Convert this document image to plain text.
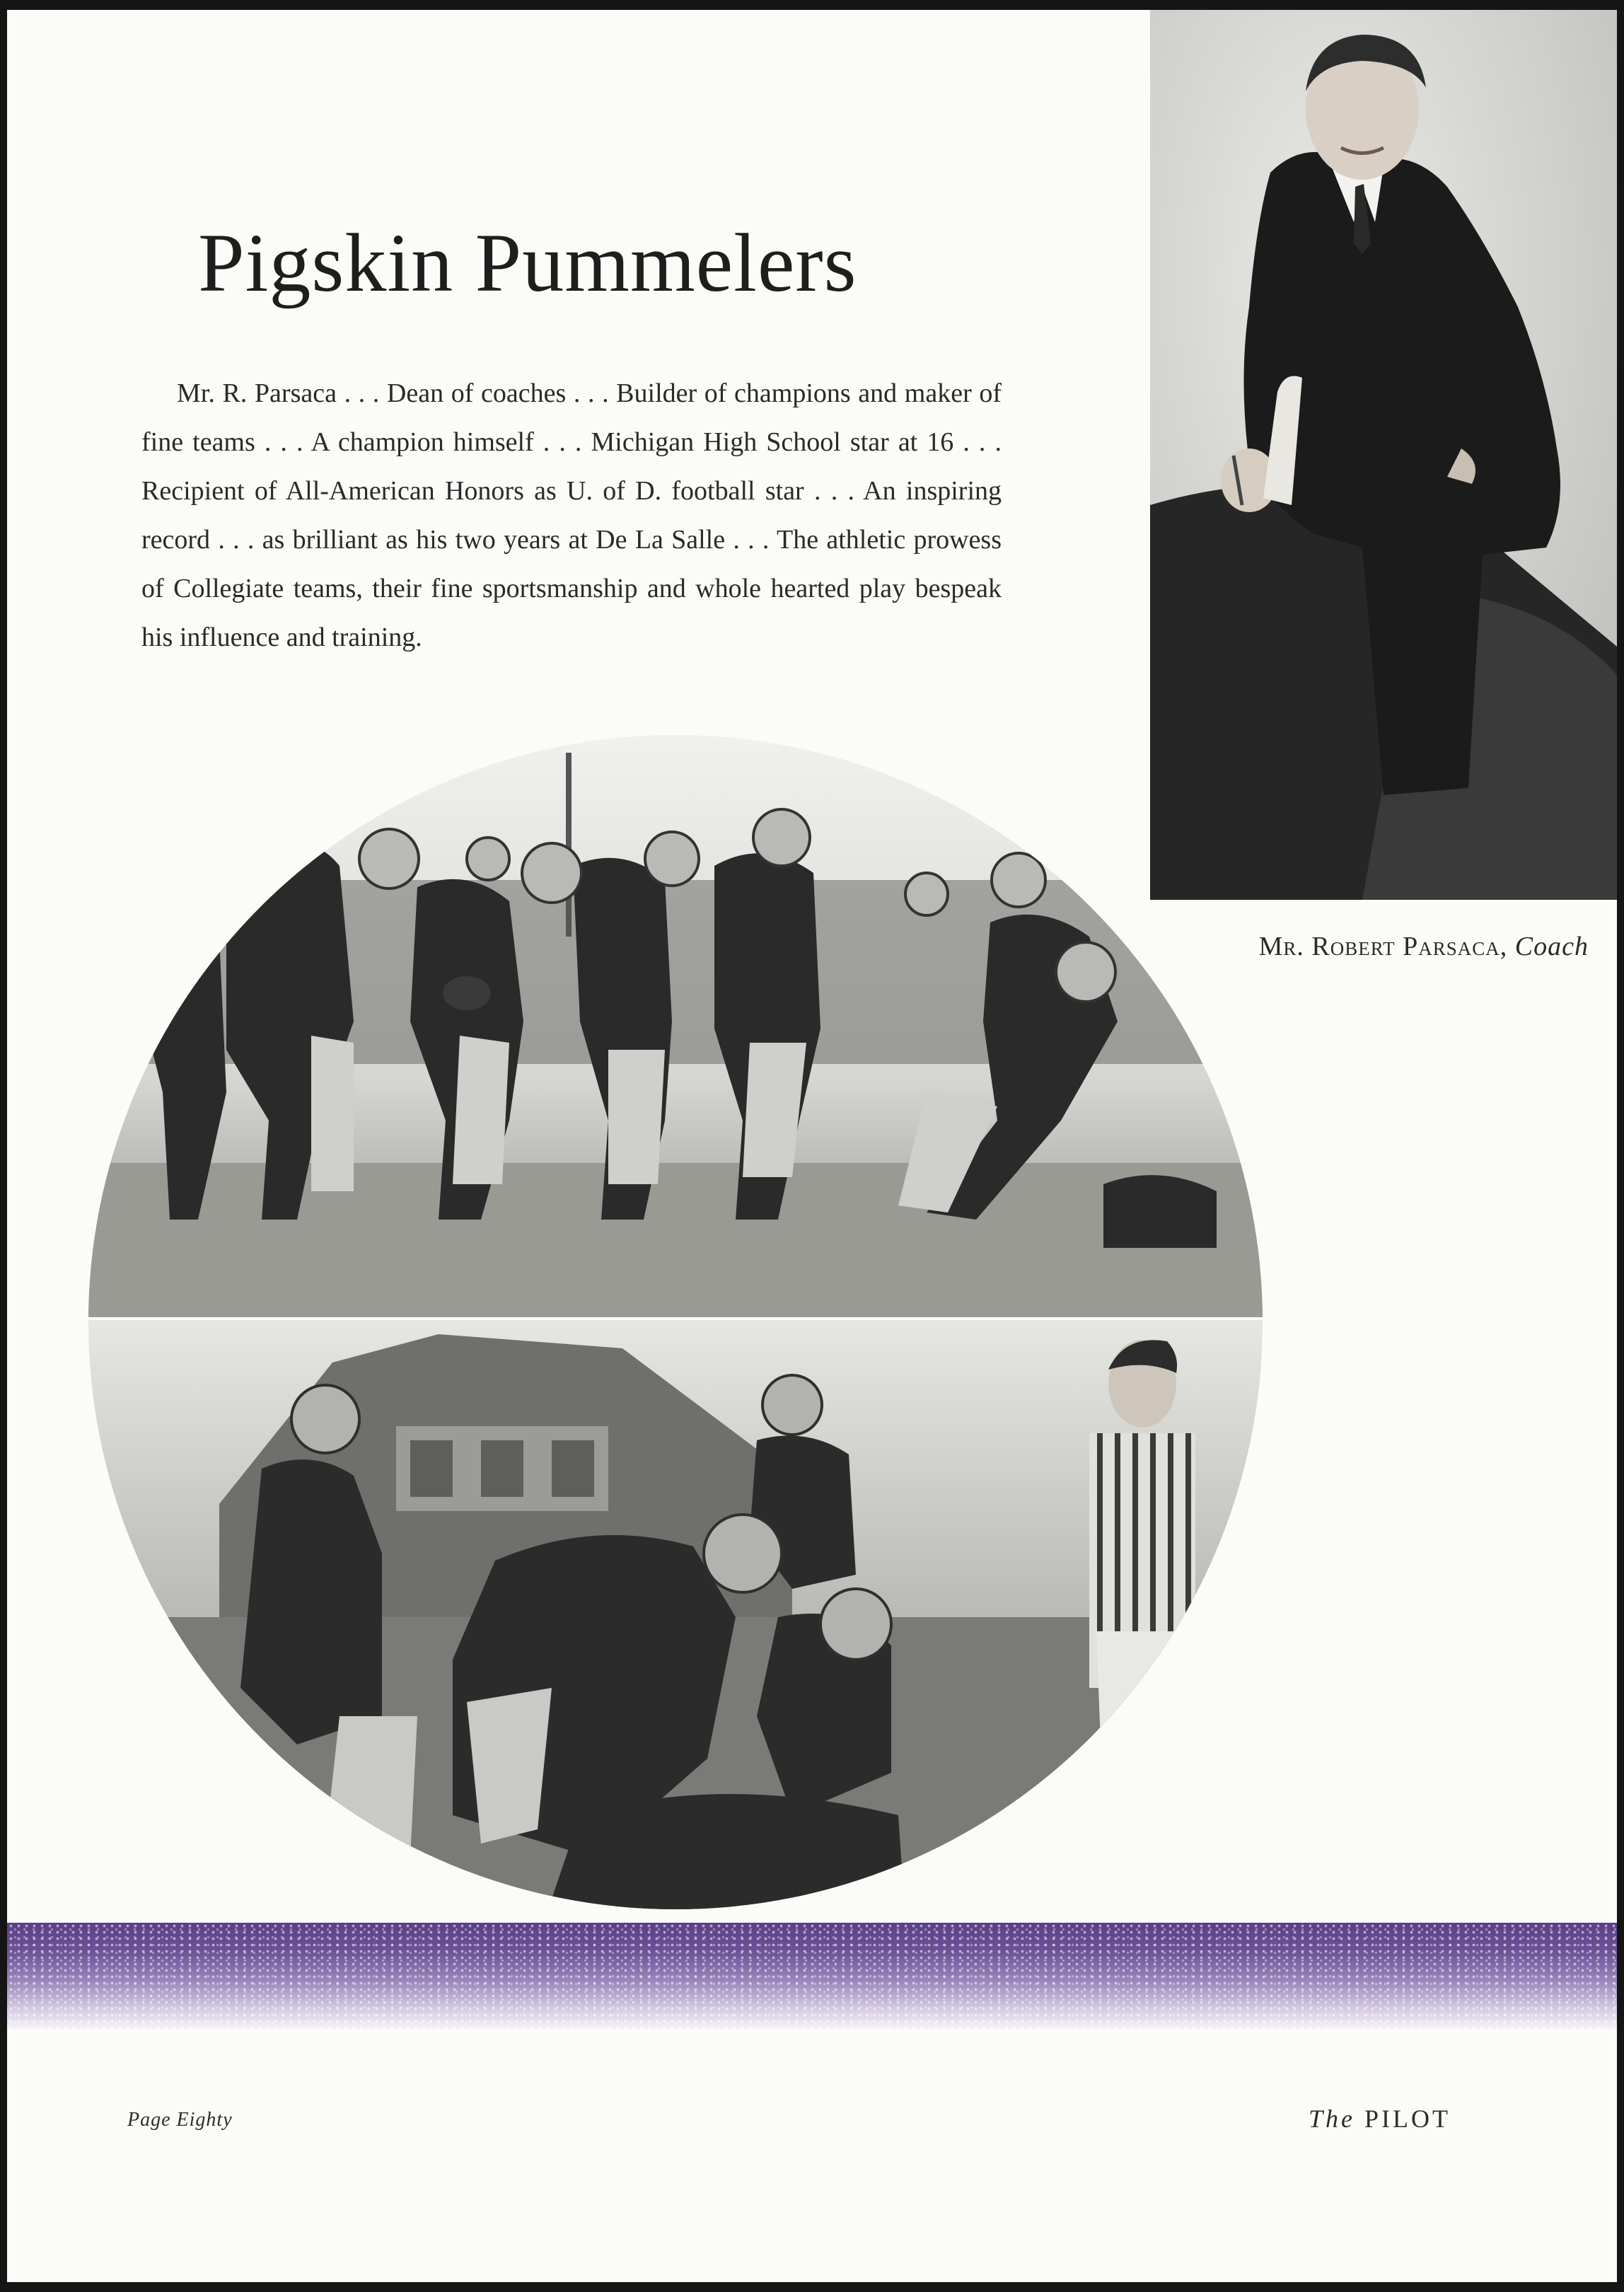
Pigskin Pummelers

Mr. R. Parsaca . . . Dean of coaches . . . Builder of champions and maker of fine teams . . . A champion himself . . . Michigan High School star at 16 . . . Recipient of All-American Honors as U. of D. football star . . . An inspiring record . . . as brilliant as his two years at De La Salle . . . The athletic prowess of Collegiate teams, their fine sportsmanship and whole hearted play bespeak his influence and training.

Mr. Robert Parsaca, Coach
Page Eighty	The PILOT
